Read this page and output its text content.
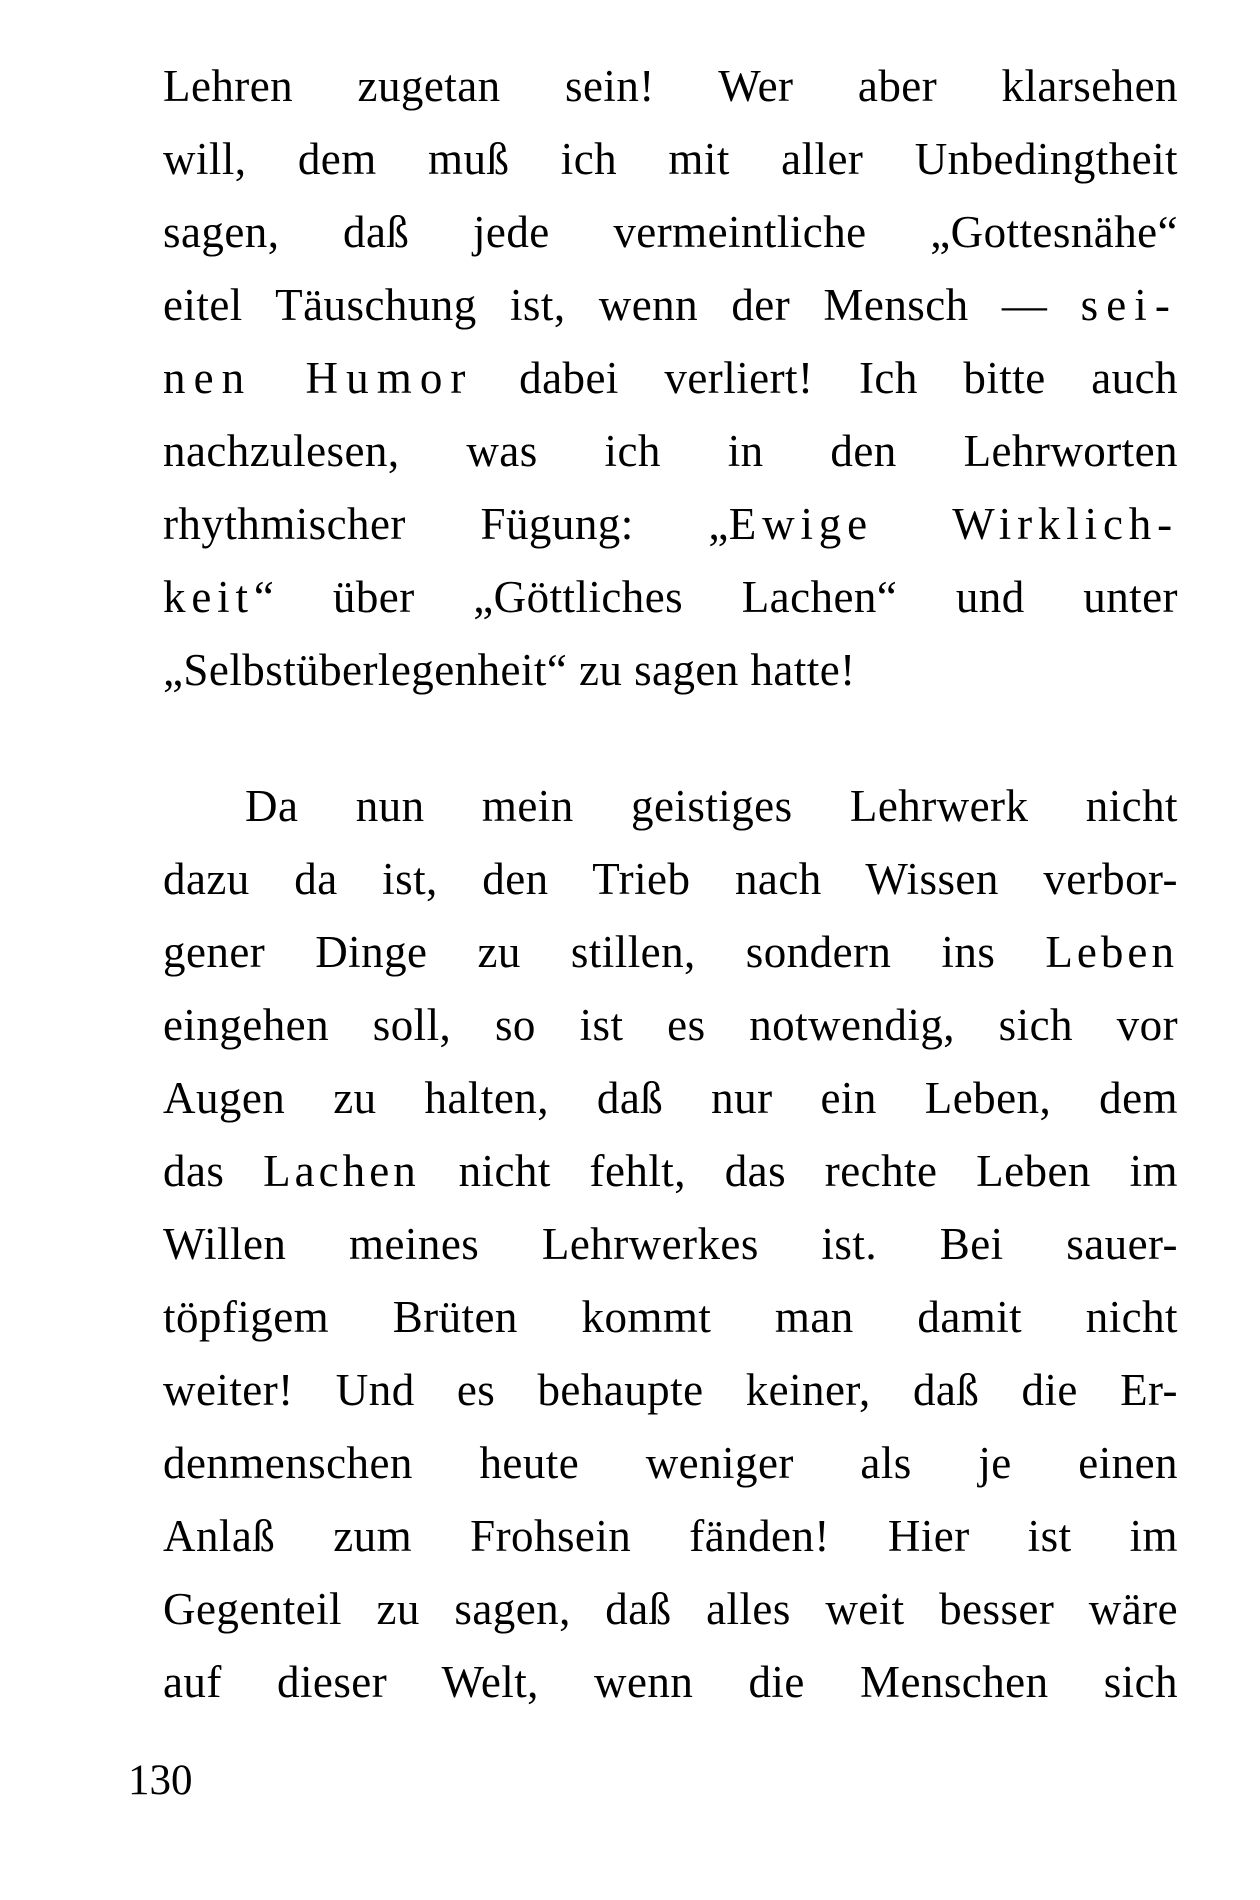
Lehren zugetan sein! Wer aber klarsehen
will, dem muß ich mit aller Unbedingtheit
sagen, daß jede vermeintliche „Gottesnähe“
eitel Täuschung ist, wenn der Mensch — sei-
nen Humor dabei verliert! Ich bitte auch
nachzulesen, was ich in den Lehrworten
rhythmischer Fügung: „Ewige Wirklich-
keit“ über „Göttliches Lachen“ und unter
„Selbstüberlegenheit“ zu sagen hatte!
Da nun mein geistiges Lehrwerk nicht
dazu da ist, den Trieb nach Wissen verbor-
gener Dinge zu stillen, sondern ins Leben
eingehen soll, so ist es notwendig, sich vor
Augen zu halten, daß nur ein Leben, dem
das Lachen nicht fehlt, das rechte Leben im
Willen meines Lehrwerkes ist. Bei sauer-
töpfigem Brüten kommt man damit nicht
weiter! Und es behaupte keiner, daß die Er-
denmenschen heute weniger als je einen
Anlaß zum Frohsein fänden! Hier ist im
Gegenteil zu sagen, daß alles weit besser wäre
auf dieser Welt, wenn die Menschen sich
130
